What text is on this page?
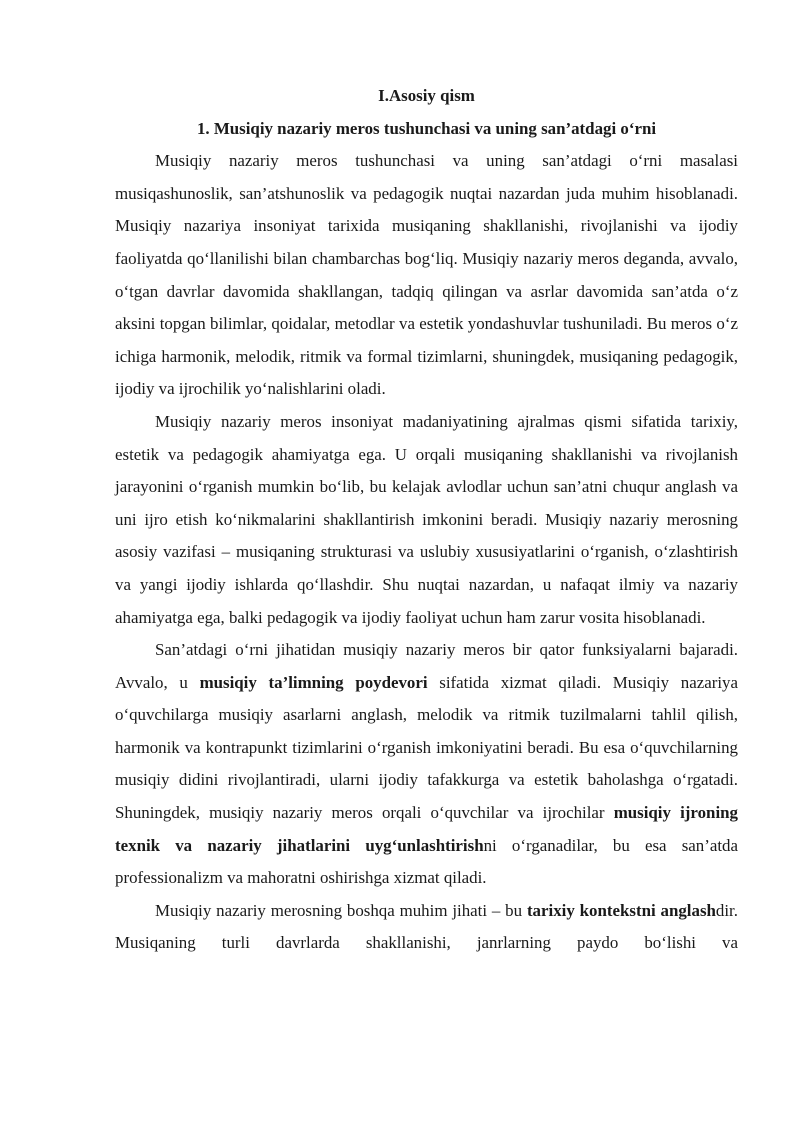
I.Asosiy qism

1. Musiqiy nazariy meros tushunchasi va uning san’atdagi o‘rni

Musiqiy nazariy meros tushunchasi va uning san’atdagi o‘rni masalasi musiqashunoslik, san’atshunoslik va pedagogik nuqtai nazardan juda muhim hisoblanadi. Musiqiy nazariya insoniyat tarixida musiqaning shakllanishi, rivojlanishi va ijodiy faoliyatda qo‘llanilishi bilan chambarchas bog‘liq. Musiqiy nazariy meros deganda, avvalo, o‘tgan davrlar davomida shakllangan, tadqiq qilingan va asrlar davomida san’atda o‘z aksini topgan bilimlar, qoidalar, metodlar va estetik yondashuvlar tushuniladi. Bu meros o‘z ichiga harmonik, melodik, ritmik va formal tizimlarni, shuningdek, musiqaning pedagogik, ijodiy va ijrochilik yo‘nalishlarini oladi.

Musiqiy nazariy meros insoniyat madaniyatining ajralmas qismi sifatida tarixiy, estetik va pedagogik ahamiyatga ega. U orqali musiqaning shakllanishi va rivojlanish jarayonini o‘rganish mumkin bo‘lib, bu kelajak avlodlar uchun san’atni chuqur anglash va uni ijro etish ko‘nikmalarini shakllantirish imkonini beradi. Musiqiy nazariy merosning asosiy vazifasi – musiqaning strukturasi va uslubiy xususiyatlarini o‘rganish, o‘zlashtirish va yangi ijodiy ishlarda qo‘llashdir. Shu nuqtai nazardan, u nafaqat ilmiy va nazariy ahamiyatga ega, balki pedagogik va ijodiy faoliyat uchun ham zarur vosita hisoblanadi.

San’atdagi o‘rni jihatidan musiqiy nazariy meros bir qator funksiyalarni bajaradi. Avvalo, u musiqiy ta’limning poydevori sifatida xizmat qiladi. Musiqiy nazariya o‘quvchilarga musiqiy asarlarni anglash, melodik va ritmik tuzilmalarni tahlil qilish, harmonik va kontrapunkt tizimlarini o‘rganish imkoniyatini beradi. Bu esa o‘quvchilarning musiqiy didini rivojlantiradi, ularni ijodiy tafakkurga va estetik baholashga o‘rgatadi. Shuningdek, musiqiy nazariy meros orqali o‘quvchilar va ijrochilar musiqiy ijroning texnik va nazariy jihatlarini uyg‘unlashtirishni o‘rganadilar, bu esa san’atda professionalizm va mahoratni oshirishga xizmat qiladi.

Musiqiy nazariy merosning boshqa muhim jihati – bu tarixiy kontekstni anglashdir. Musiqaning turli davrlarda shakllanishi, janrlarning paydo bo‘lishi va
